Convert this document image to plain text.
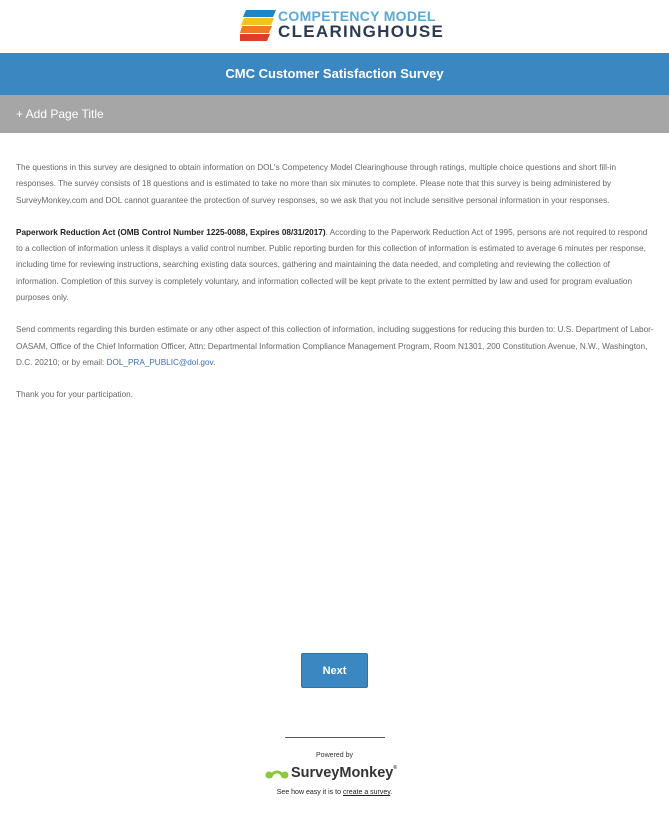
COMPETENCY MODEL
CLEARINGHOUSE
CMC Customer Satisfaction Survey
+ Add Page Title

The questions in this survey are designed to obtain information on DOL's Competency Model Clearinghouse through ratings, multiple choice questions and short fill-in responses. The survey consists of 18 questions and is estimated to take no more than six minutes to complete. Please note that this survey is being administered by SurveyMonkey.com and DOL cannot guarantee the protection of survey responses, so we ask that you not include sensitive personal information in your responses.

Paperwork Reduction Act (OMB Control Number 1225-0088, Expires 08/31/2017). According to the Paperwork Reduction Act of 1995, persons are not required to respond to a collection of information unless it displays a valid control number. Public reporting burden for this collection of information is estimated to average 6 minutes per response, including time for reviewing instructions, searching existing data sources, gathering and maintaining the data needed, and completing and reviewing the collection of information. Completion of this survey is completely voluntary, and information collected will be kept private to the extent permitted by law and used for program evaluation purposes only.

Send comments regarding this burden estimate or any other aspect of this collection of information, including suggestions for reducing this burden to: U.S. Department of Labor-OASAM, Office of the Chief Information Officer, Attn: Departmental Information Compliance Management Program, Room N1301, 200 Constitution Avenue, N.W., Washington, D.C. 20210; or by email: DOL_PRA_PUBLIC@dol.gov.

Thank you for your participation.

Next
Powered by
SurveyMonkey®
See how easy it is to create a survey.
